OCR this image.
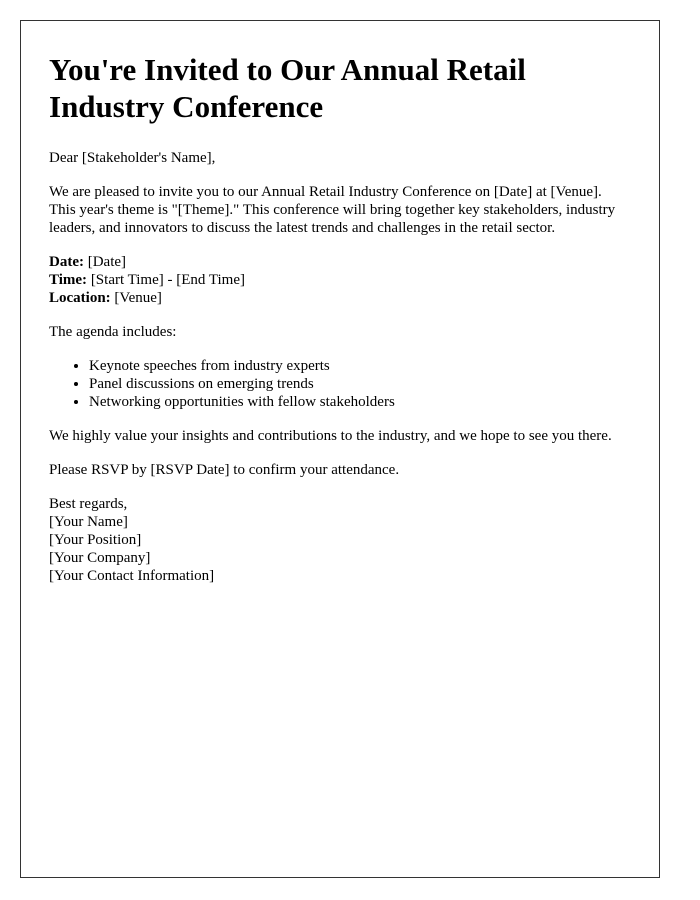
You're Invited to Our Annual Retail Industry Conference

Dear [Stakeholder's Name],

We are pleased to invite you to our Annual Retail Industry Conference on [Date] at [Venue]. This year's theme is "[Theme]." This conference will bring together key stakeholders, industry leaders, and innovators to discuss the latest trends and challenges in the retail sector.

Date: [Date]
Time: [Start Time] - [End Time]
Location: [Venue]

The agenda includes:

• Keynote speeches from industry experts
• Panel discussions on emerging trends
• Networking opportunities with fellow stakeholders

We highly value your insights and contributions to the industry, and we hope to see you there.

Please RSVP by [RSVP Date] to confirm your attendance.

Best regards,
[Your Name]
[Your Position]
[Your Company]
[Your Contact Information]
